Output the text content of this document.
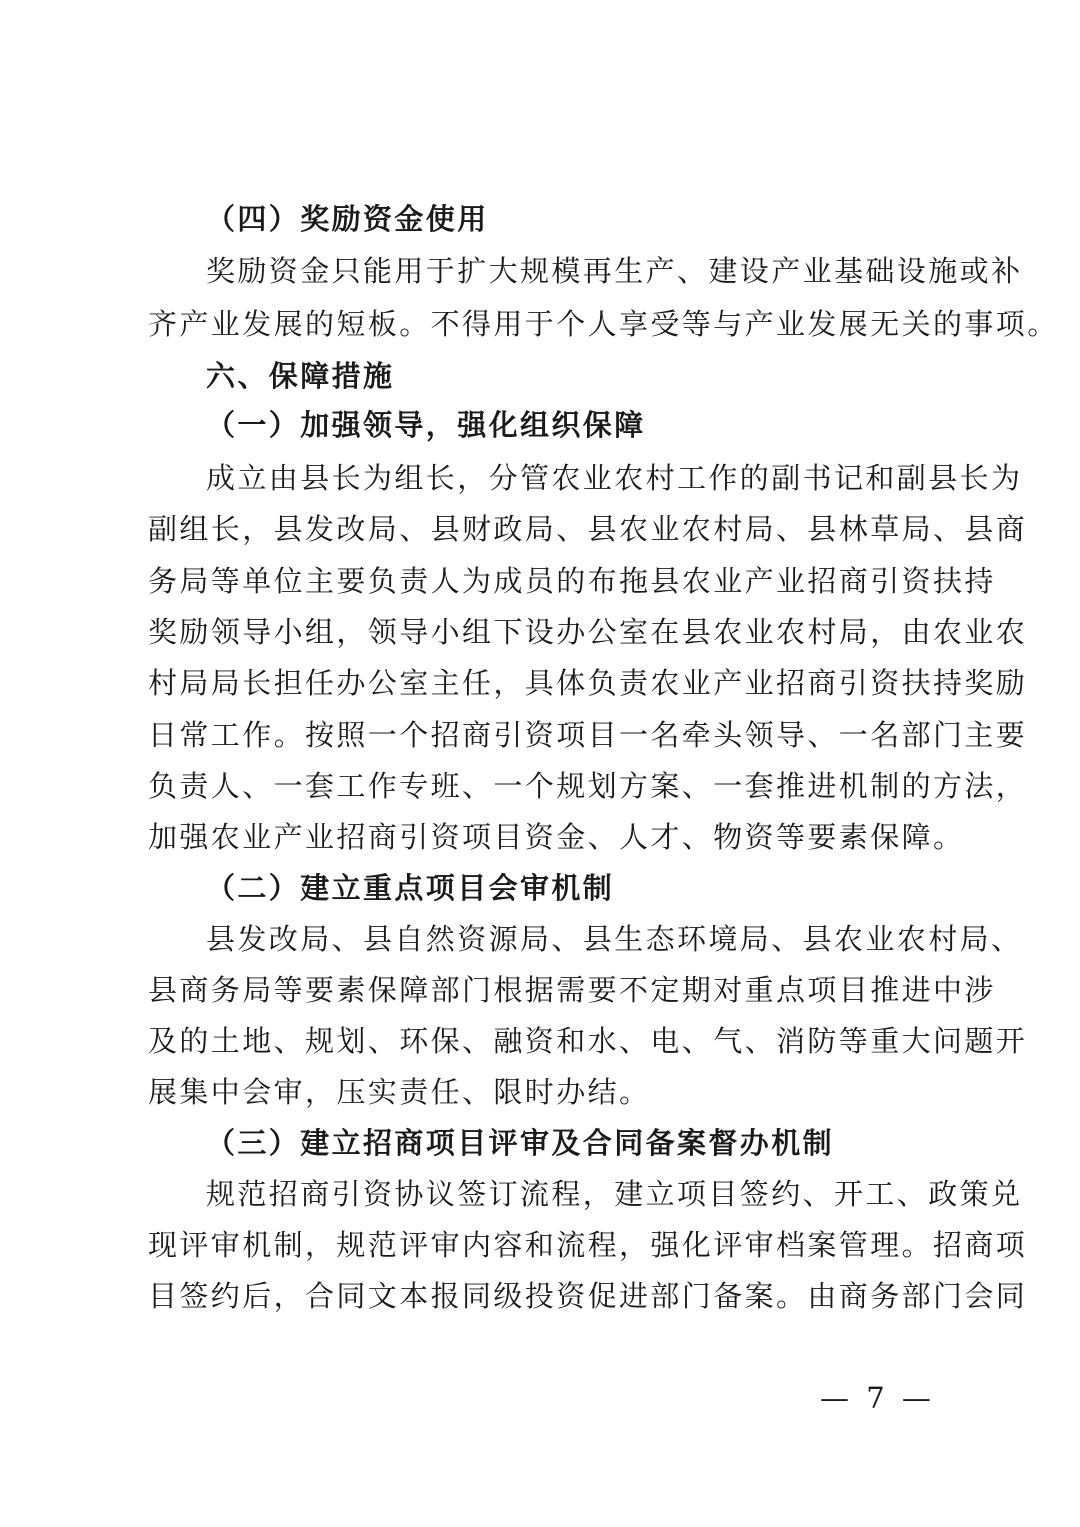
（四）奖励资金使用
奖励资金只能用于扩大规模再生产、建设产业基础设施或补
齐产业发展的短板。不得用于个人享受等与产业发展无关的事项。
六、保障措施
（一）加强领导，强化组织保障
成立由县长为组长，分管农业农村工作的副书记和副县长为
副组长，县发改局、县财政局、县农业农村局、县林草局、县商
务局等单位主要负责人为成员的布拖县农业产业招商引资扶持
奖励领导小组，领导小组下设办公室在县农业农村局，由农业农
村局局长担任办公室主任，具体负责农业产业招商引资扶持奖励
日常工作。按照一个招商引资项目一名牵头领导、一名部门主要
负责人、一套工作专班、一个规划方案、一套推进机制的方法，
加强农业产业招商引资项目资金、人才、物资等要素保障。
（二）建立重点项目会审机制
县发改局、县自然资源局、县生态环境局、县农业农村局、
县商务局等要素保障部门根据需要不定期对重点项目推进中涉
及的土地、规划、环保、融资和水、电、气、消防等重大问题开
展集中会审，压实责任、限时办结。
（三）建立招商项目评审及合同备案督办机制
规范招商引资协议签订流程，建立项目签约、开工、政策兑
现评审机制，规范评审内容和流程，强化评审档案管理。招商项
目签约后，合同文本报同级投资促进部门备案。由商务部门会同
— 7 —
